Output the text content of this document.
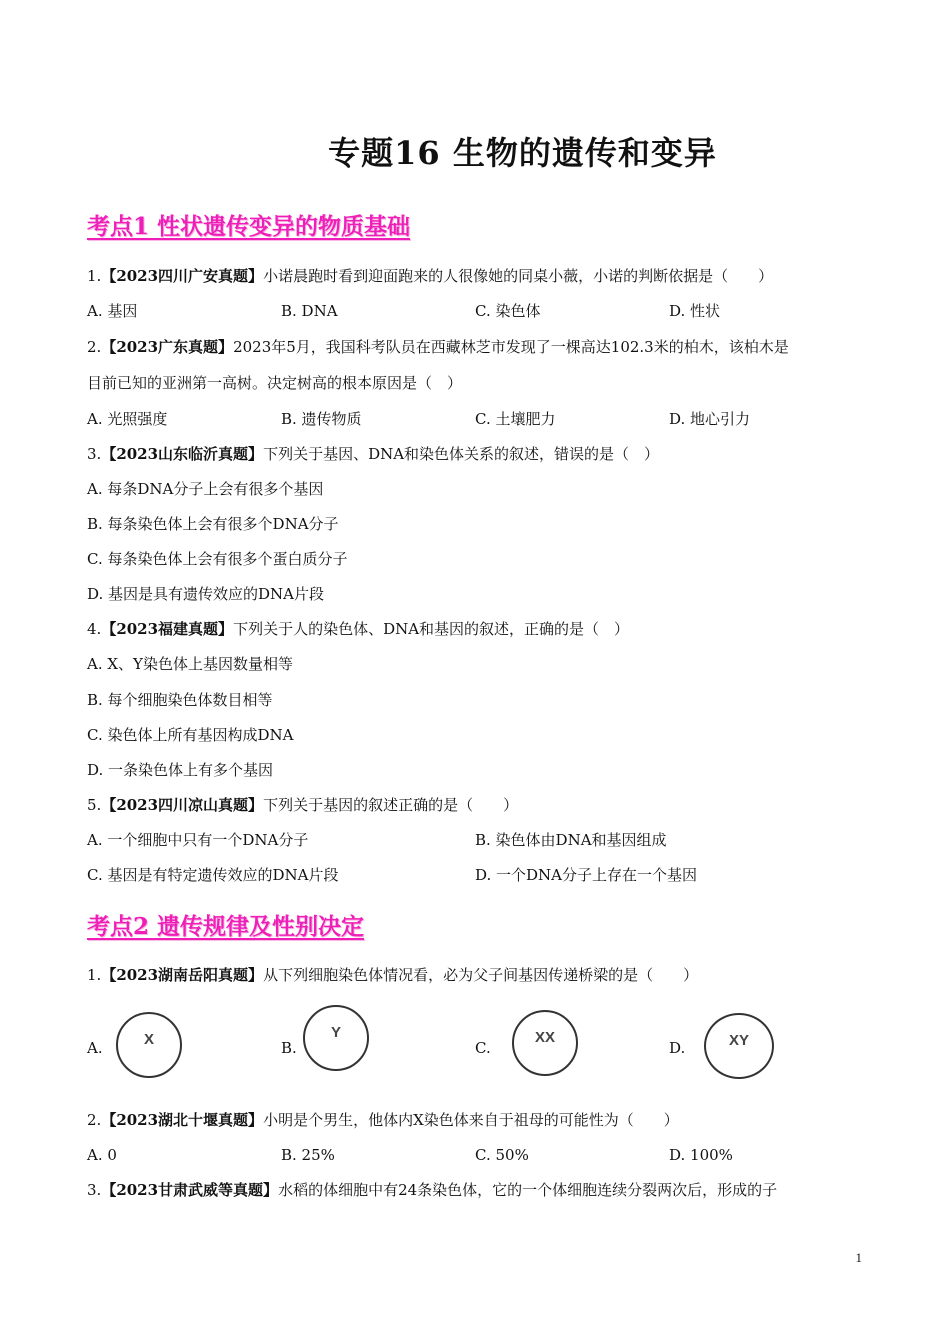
专题16 生物的遗传和变异
考点1 性状遗传变异的物质基础
1.【2023四川广安真题】小诺晨跑时看到迎面跑来的人很像她的同桌小薇，小诺的判断依据是（　　）
A. 基因	B. DNA	C. 染色体	D. 性状
2.【2023广东真题】2023年5月，我国科考队员在西藏林芝市发现了一棵高达102.3米的柏木，该柏木是
目前已知的亚洲第一高树。决定树高的根本原因是（　）
A. 光照强度	B. 遗传物质	C. 土壤肥力	D. 地心引力
3.【2023山东临沂真题】下列关于基因、DNA和染色体关系的叙述，错误的是（　）
A. 每条DNA分子上会有很多个基因
B. 每条染色体上会有很多个DNA分子
C. 每条染色体上会有很多个蛋白质分子
D. 基因是具有遗传效应的DNA片段
4.【2023福建真题】下列关于人的染色体、DNA和基因的叙述，正确的是（　）
A. X、Y染色体上基因数量相等
B. 每个细胞染色体数目相等
C. 染色体上所有基因构成DNA
D. 一条染色体上有多个基因
5.【2023四川凉山真题】下列关于基因的叙述正确的是（　　）
A. 一个细胞中只有一个DNA分子	B. 染色体由DNA和基因组成
C. 基因是有特定遗传效应的DNA片段	D. 一个DNA分子上存在一个基因
考点2 遗传规律及性别决定
1.【2023湖南岳阳真题】从下列细胞染色体情况看，必为父子间基因传递桥梁的是（　　）
A.	X	B.
Y
C.
XX
D.	XY
2.【2023湖北十堰真题】小明是个男生，他体内X染色体来自于祖母的可能性为（　　）
A. 0	B. 25%	C. 50%	D. 100%
3.【2023甘肃武威等真题】水稻的体细胞中有24条染色体，它的一个体细胞连续分裂两次后，形成的子
1
